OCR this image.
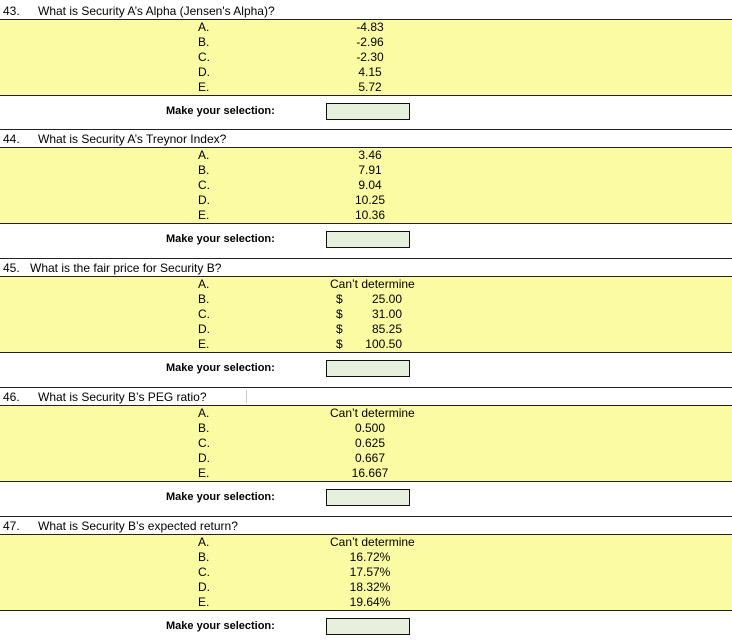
43. What is Security A’s Alpha (Jensen's Alpha)?
A.	-4.83
B.	-2.96
C.	-2.30
D.	4.15
E.	5.72
Make your selection:
44. What is Security A’s Treynor Index?
A.	3.46
B.	7.91
C.	9.04
D.	10.25
E.	10.36
Make your selection:
45. What is the fair price for Security B?
A.	Can’t determine
B.	$	25.00
C.	$	31.00
D.	$	85.25
E.	$	100.50
Make your selection:
46. What is Security B’s PEG ratio?
A.	Can’t determine
B.	0.500
C.	0.625
D.	0.667
E.	16.667
Make your selection:
47. What is Security B’s expected return?
A.	Can’t determine
B.	16.72%
C.	17.57%
D.	18.32%
E.	19.64%
Make your selection:
